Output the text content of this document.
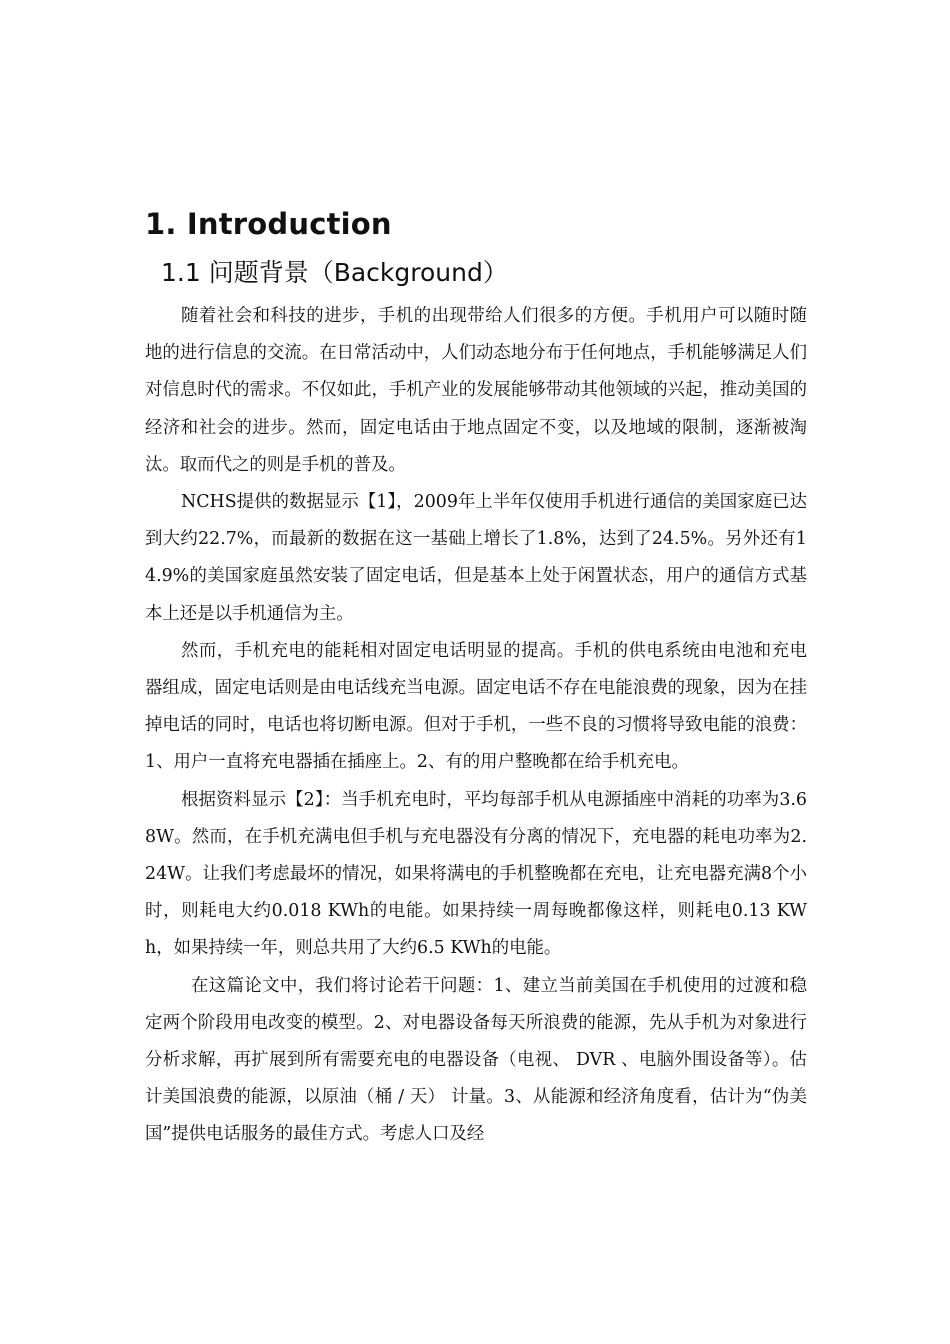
1. Introduction
1.1 问题背景（Background）

随着社会和科技的进步，手机的出现带给人们很多的方便。手机用户可以随时随地的进行信息的交流。在日常活动中，人们动态地分布于任何地点，手机能够满足人们对信息时代的需求。不仅如此，手机产业的发展能够带动其他领域的兴起，推动美国的经济和社会的进步。然而，固定电话由于地点固定不变，以及地域的限制，逐渐被淘汰。取而代之的则是手机的普及。

NCHS提供的数据显示【1】，2009年上半年仅使用手机进行通信的美国家庭已达到大约22.7%，而最新的数据在这一基础上增长了1.8%，达到了24.5%。另外还有14.9%的美国家庭虽然安装了固定电话，但是基本上处于闲置状态，用户的通信方式基本上还是以手机通信为主。

然而，手机充电的能耗相对固定电话明显的提高。手机的供电系统由电池和充电器组成，固定电话则是由电话线充当电源。固定电话不存在电能浪费的现象，因为在挂掉电话的同时，电话也将切断电源。但对于手机，一些不良的习惯将导致电能的浪费：1、用户一直将充电器插在插座上。2、有的用户整晚都在给手机充电。

根据资料显示【2】：当手机充电时，平均每部手机从电源插座中消耗的功率为3.68W。然而，在手机充满电但手机与充电器没有分离的情况下，充电器的耗电功率为2.24W。让我们考虑最坏的情况，如果将满电的手机整晚都在充电，让充电器充满8个小时，则耗电大约0.018 KWh的电能。如果持续一周每晚都像这样，则耗电0.13 KWh，如果持续一年，则总共用了大约6.5 KWh的电能。

在这篇论文中，我们将讨论若干问题：1、建立当前美国在手机使用的过渡和稳定两个阶段用电改变的模型。2、对电器设备每天所浪费的能源，先从手机为对象进行分析求解，再扩展到所有需要充电的电器设备（电视、 DVR 、电脑外围设备等）。估计美国浪费的能源，以原油（桶 / 天） 计量。3、从能源和经济角度看，估计为“伪美国”提供电话服务的最佳方式。考虑人口及经
